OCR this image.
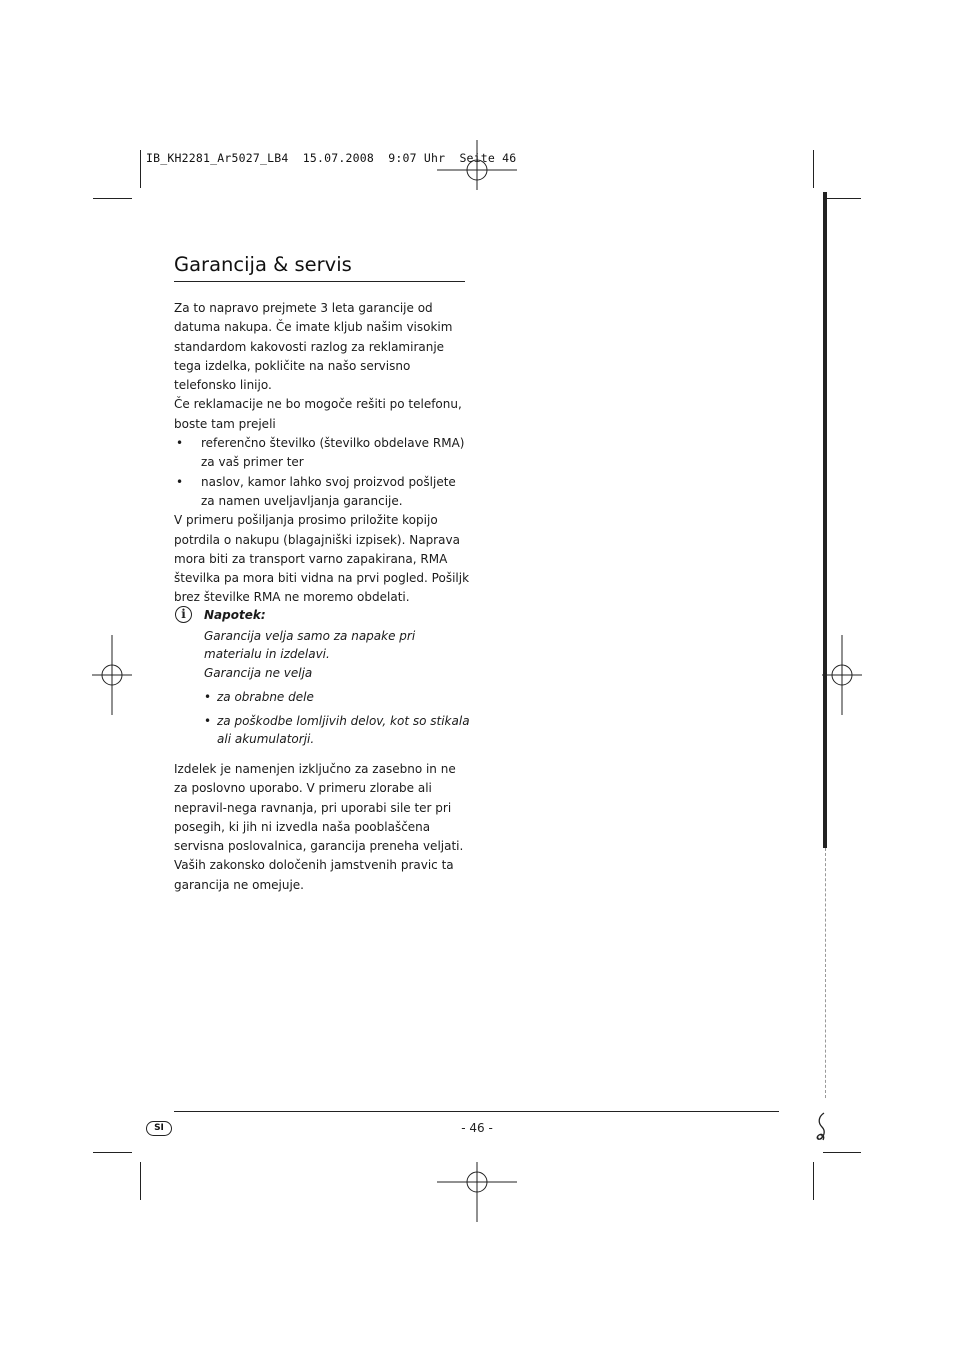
IB_KH2281_Ar5027_LB4  15.07.2008  9:07 Uhr  Seite 46
Garancija & servis

Za to napravo prejmete 3 leta garancije od datuma nakupa. Če imate kljub našim visokim standardom kakovosti razlog za reklamiranje tega izdelka, pokličite na našo servisno telefonsko linijo.

Če reklamacije ne bo mogoče rešiti po telefonu, boste tam prejeli

• referenčno številko (številko obdelave RMA) za vaš primer ter
• naslov, kamor lahko svoj proizvod pošljete za namen uveljavljanja garancije.

V primeru pošiljanja prosimo priložite kopijo potrdila o nakupu (blagajniški izpisek). Naprava mora biti za transport varno zapakirana, RMA številka pa mora biti vidna na prvi pogled. Pošiljk brez številke RMA ne moremo obdelati.

i	Napotek:
Garancija velja samo za napake pri materialu in izdelavi.
Garancija ne velja
• za obrabne dele
• za poškodbe lomljivih delov, kot so stikala ali akumulatorji.

Izdelek je namenjen izključno za zasebno in ne za poslovno uporabo. V primeru zlorabe ali nepravil-nega ravnanja, pri uporabi sile ter pri posegih, ki jih ni izvedla naša pooblaščena servisna poslovalnica, garancija preneha veljati.

Vaših zakonsko določenih jamstvenih pravic ta garancija ne omejuje.

SI	- 46 -
